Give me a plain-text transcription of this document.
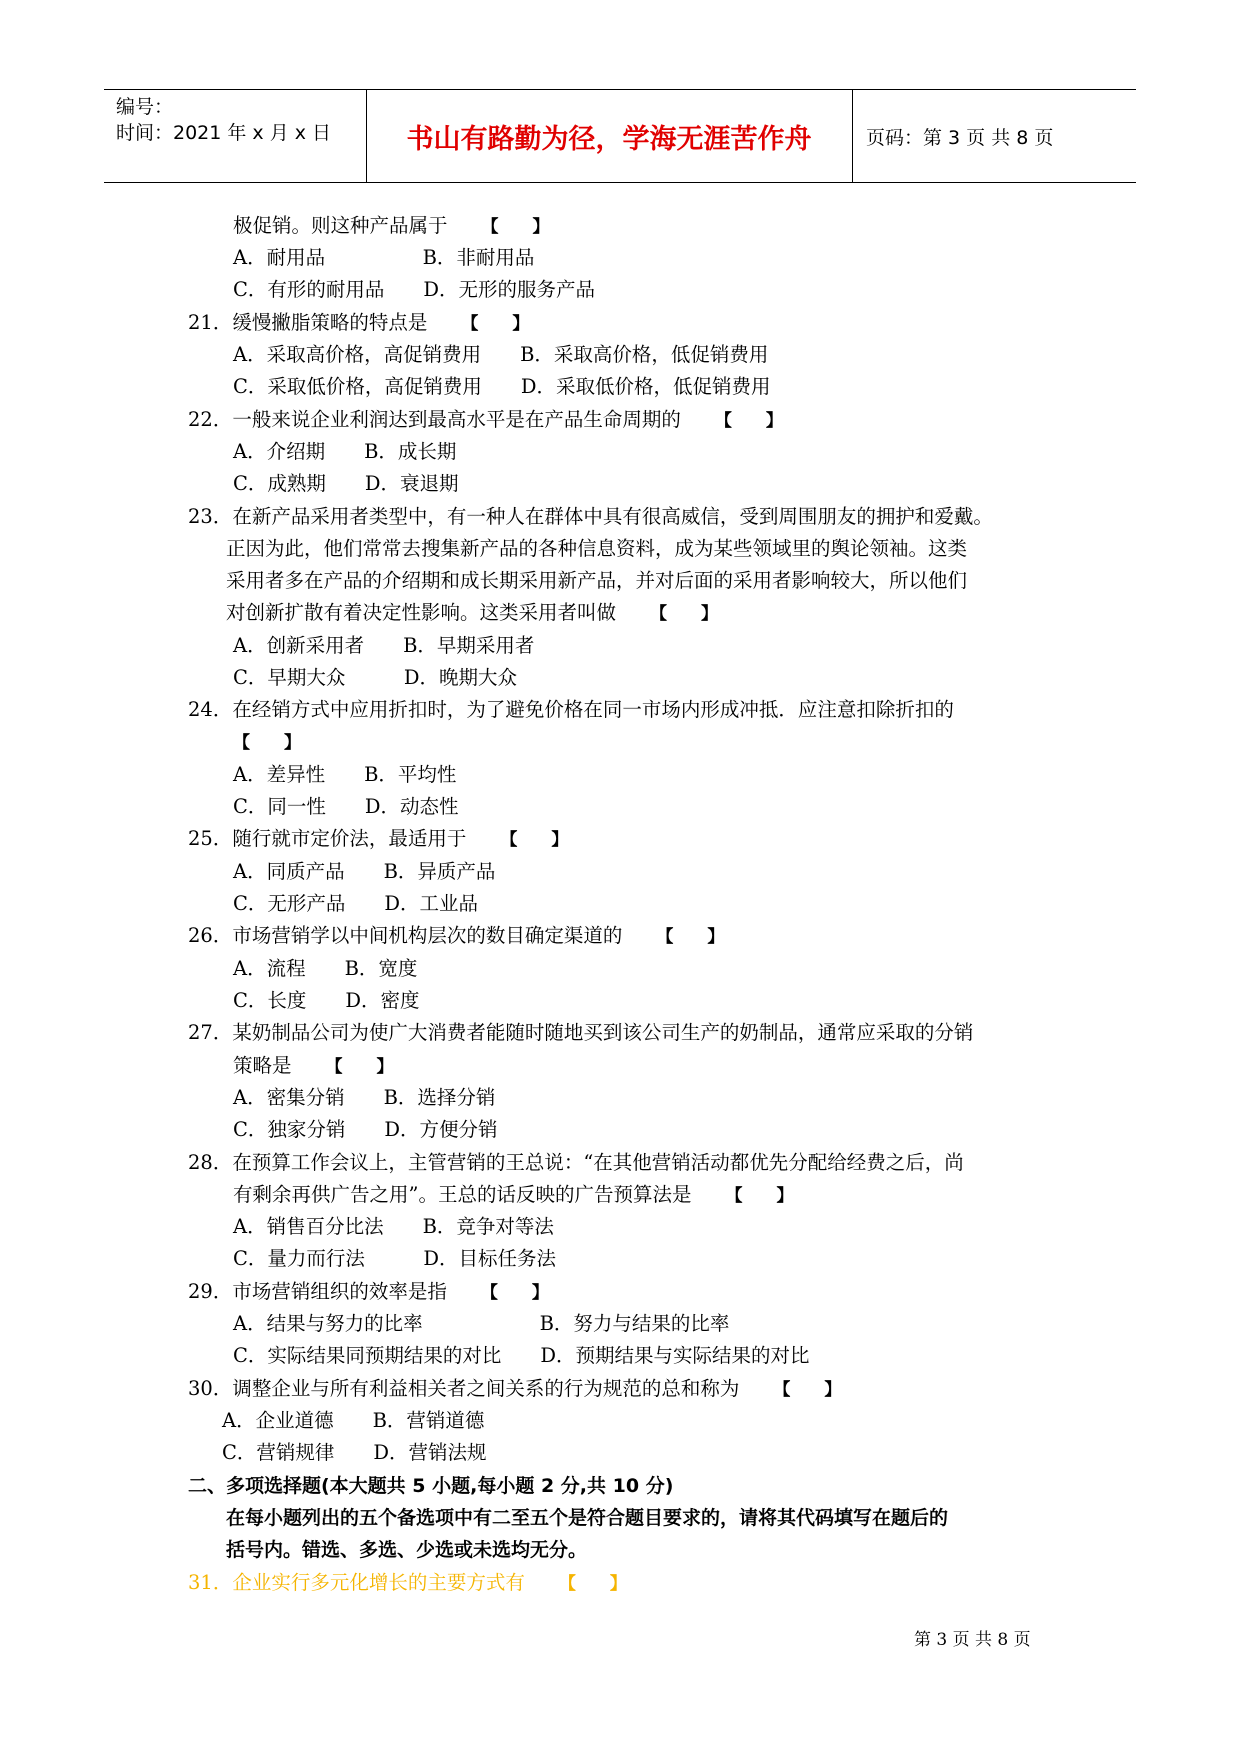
编号：
时间：2021 年 x 月 x 日	书山有路勤为径，学海无涯苦作舟	页码：第 3 页 共 8 页
极促销。则这种产品属于 【　　】
A．耐用品　　　　　B．非耐用品
C．有形的耐用品　　D．无形的服务产品
21．缓慢撇脂策略的特点是 【　　】
A．采取高价格，高促销费用　　B．采取高价格，低促销费用
C．采取低价格，高促销费用　　D．采取低价格，低促销费用
22．一般来说企业利润达到最高水平是在产品生命周期的 【　　】
A．介绍期　　B．成长期
C．成熟期　　D．衰退期
23．在新产品采用者类型中，有一种人在群体中具有很高威信，受到周围朋友的拥护和爱戴。
正因为此，他们常常去搜集新产品的各种信息资料，成为某些领域里的舆论领袖。这类
采用者多在产品的介绍期和成长期采用新产品，并对后面的采用者影响较大，所以他们
对创新扩散有着决定性影响。这类采用者叫做 【　　】
A．创新采用者　　B．早期采用者
C．早期大众　　　D．晚期大众
24．在经销方式中应用折扣时，为了避免价格在同一市场内形成冲抵．应注意扣除折扣的
【　　】
A．差异性　　B．平均性
C．同一性　　D．动态性
25．随行就市定价法，最适用于 【　　】
A．同质产品　　B．异质产品
C．无形产品　　D．工业品
26．市场营销学以中间机构层次的数目确定渠道的 【　　】
A．流程　　B．宽度
C．长度　　D．密度
27．某奶制品公司为使广大消费者能随时随地买到该公司生产的奶制品，通常应采取的分销
策略是 【　　】
A．密集分销　　B．选择分销
C．独家分销　　D．方便分销
28．在预算工作会议上，主管营销的王总说：“在其他营销活动都优先分配给经费之后，尚
有剩余再供广告之用”。王总的话反映的广告预算法是 【　　】
A．销售百分比法　　B．竞争对等法
C．量力而行法　　　D．目标任务法
29．市场营销组织的效率是指 【　　】
A．结果与努力的比率　　　　　　B．努力与结果的比率
C．实际结果同预期结果的对比　　D．预期结果与实际结果的对比
30．调整企业与所有利益相关者之间关系的行为规范的总和称为 【　　】
A．企业道德　　B．营销道德
C．营销规律　　D．营销法规
二、多项选择题(本大题共 5 小题,每小题 2 分,共 10 分)
在每小题列出的五个备选项中有二至五个是符合题目要求的，请将其代码填写在题后的
括号内。错选、多选、少选或未选均无分。
31．企业实行多元化增长的主要方式有 【　　】
第 3 页 共 8 页
